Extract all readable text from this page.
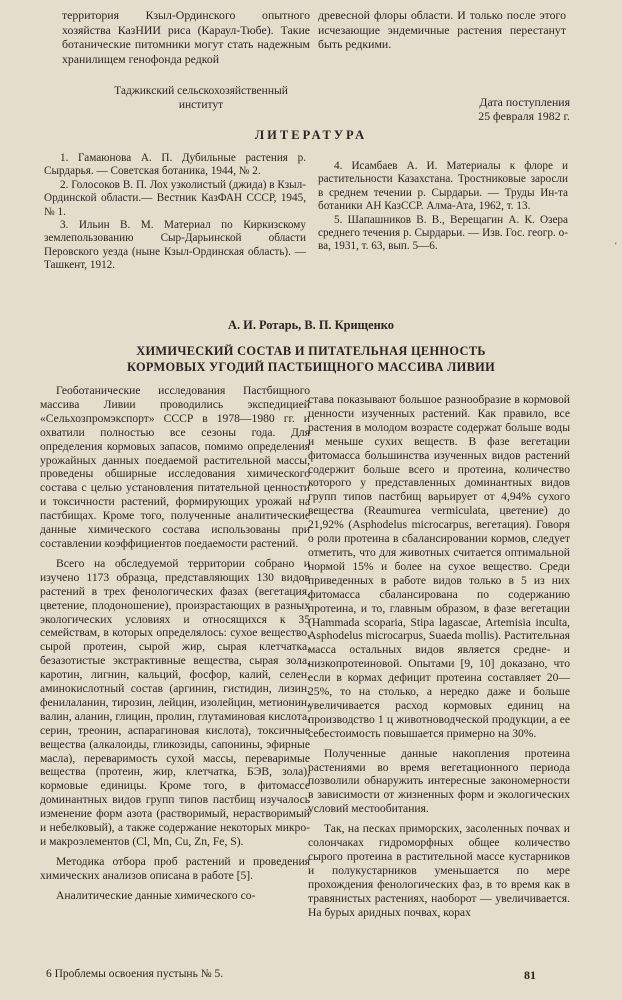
территория Кзыл-Ординского опытного хозяйства КазНИИ риса (Караул-Тюбе). Такие ботанические питомники могут стать надежным хранилищем генофонда редкой
древесной флоры области. И только после этого исчезающие эндемичные растения перестанут быть редкими.
Таджикский сельскохозяйственный институт	Дата поступления
25 февраля 1982 г.
ЛИТЕРАТУРА

1. Гамаюнова А. П. Дубильные растения р. Сырдарья. — Советская ботаника, 1944, № 2.

2. Голосоков В. П. Лох узколистый (джида) в Кзыл-Ординской области.— Вестник КазФАН СССР, 1945, № 1.

3. Ильин В. М. Материал по Киркизскому землепользованию Сыр-Дарьинской области Перовского уезда (ныне Кзыл-Ординская область). — Ташкент, 1912.

4. Исамбаев А. И. Материалы к флоре и растительности Казахстана. Тростниковые заросли в среднем течении р. Сырдарьи. — Труды Ин-та ботаники АН КазССР. Алма-Ата, 1962, т. 13.

5. Шапашников В. В., Верещагин А. К. Озера среднего течения р. Сырдарьи. — Изв. Гос. геогр. о-ва, 1931, т. 63, вып. 5—6.	‘
А. И. Ротарь, В. П. Крищенко
ХИМИЧЕСКИЙ СОСТАВ И ПИТАТЕЛЬНАЯ ЦЕННОСТЬ
КОРМОВЫХ УГОДИЙ ПАСТБИЩНОГО МАССИВА ЛИВИИ

Геоботанические исследования Пастбищного массива Ливии проводились экспедицией «Сельхозпромэкспорт» СССР в 1978—1980 гг. и охватили полностью все сезоны года. Для определения кормовых запасов, помимо определения урожайных данных поедаемой растительной массы, проведены обширные исследования химического состава с целью установления питательной ценности и токсичности растений, формирующих урожай на пастбищах. Кроме того, полученные аналитические данные химического состава использованы при составлении коэффициентов поедаемости растений.

Всего на обследуемой территории собрано и изучено 1173 образца, представляющих 130 видов растений в трех фенологических фазах (вегетация, цветение, плодоношение), произрастающих в разных экологических условиях и относящихся к 35 семействам, в которых определялось: сухое вещество, сырой протеин, сырой жир, сырая клетчатка, безазотистые экстрактивные вещества, сырая зола, каротин, лигнин, кальций, фосфор, калий, селен, аминокислотный состав (аргинин, гистидин, лизин, фенилаланин, тирозин, лейцин, изолейцин, метионин, валин, аланин, глицин, пролин, глутаминовая кислота, серин, треонин, аспарагиновая кислота), токсичные вещества (алкалоиды, гликозиды, сапонины, эфирные масла), переваримость сухой массы, переваримые вещества (протеин, жир, клетчатка, БЭВ, зола), кормовые единицы. Кроме того, в фитомассе доминантных видов групп типов пастбищ изучалось изменение форм азота (растворимый, нерастворимый и небелковый), а также содержание некоторых микро- и макроэлементов (Cl, Mn, Cu, Zn, Fe, S).

Методика отбора проб растений и проведения химических анализов описана в работе [5].

Аналитические данные химического со-

става показывают большое разнообразие в кормовой ценности изученных растений. Как правило, все растения в молодом возрасте содержат больше воды и меньше сухих веществ. В фазе вегетации фитомасса большинства изученных видов растений содержит больше всего и протеина, количество которого у представленных доминантных видов групп типов пастбищ варьирует от 4,94% сухого вещества (Reaumurea vermiculata, цветение) до 21,92% (Asphodelus microcarpus, вегетация). Говоря о роли протеина в сбалансировании кормов, следует отметить, что для животных считается оптимальной нормой 15% и более на сухое вещество. Среди приведенных в работе видов только в 5 из них фитомасса сбалансирована по содержанию протеина, и то, главным образом, в фазе вегетации (Hammada scoparia, Stipa lagascae, Artemisia inculta, Asphodelus microcarpus, Suaeda mollis). Растительная масса остальных видов является средне- и низкопротеиновой. Опытами [9, 10] доказано, что если в кормах дефицит протеина составляет 20—25%, то на столько, а нередко даже и больше увеличивается расход кормовых единиц на производство 1 ц животноводческой продукции, а ее себестоимость повышается примерно на 30%.

Полученные данные накопления протеина растениями во время вегетационного периода позволили обнаружить интересные закономерности в зависимости от жизненных форм и экологических условий местообитания.

Так, на песках приморских, засоленных почвах и солончаках гидроморфных общее количество сырого протеина в растительной массе кустарников и полукустарников уменьшается по мере прохождения фенологических фаз, в то время как в травянистых растениях, наоборот — увеличивается. На бурых аридных почвах, корах

6 Проблемы освоения пустынь № 5.	81
